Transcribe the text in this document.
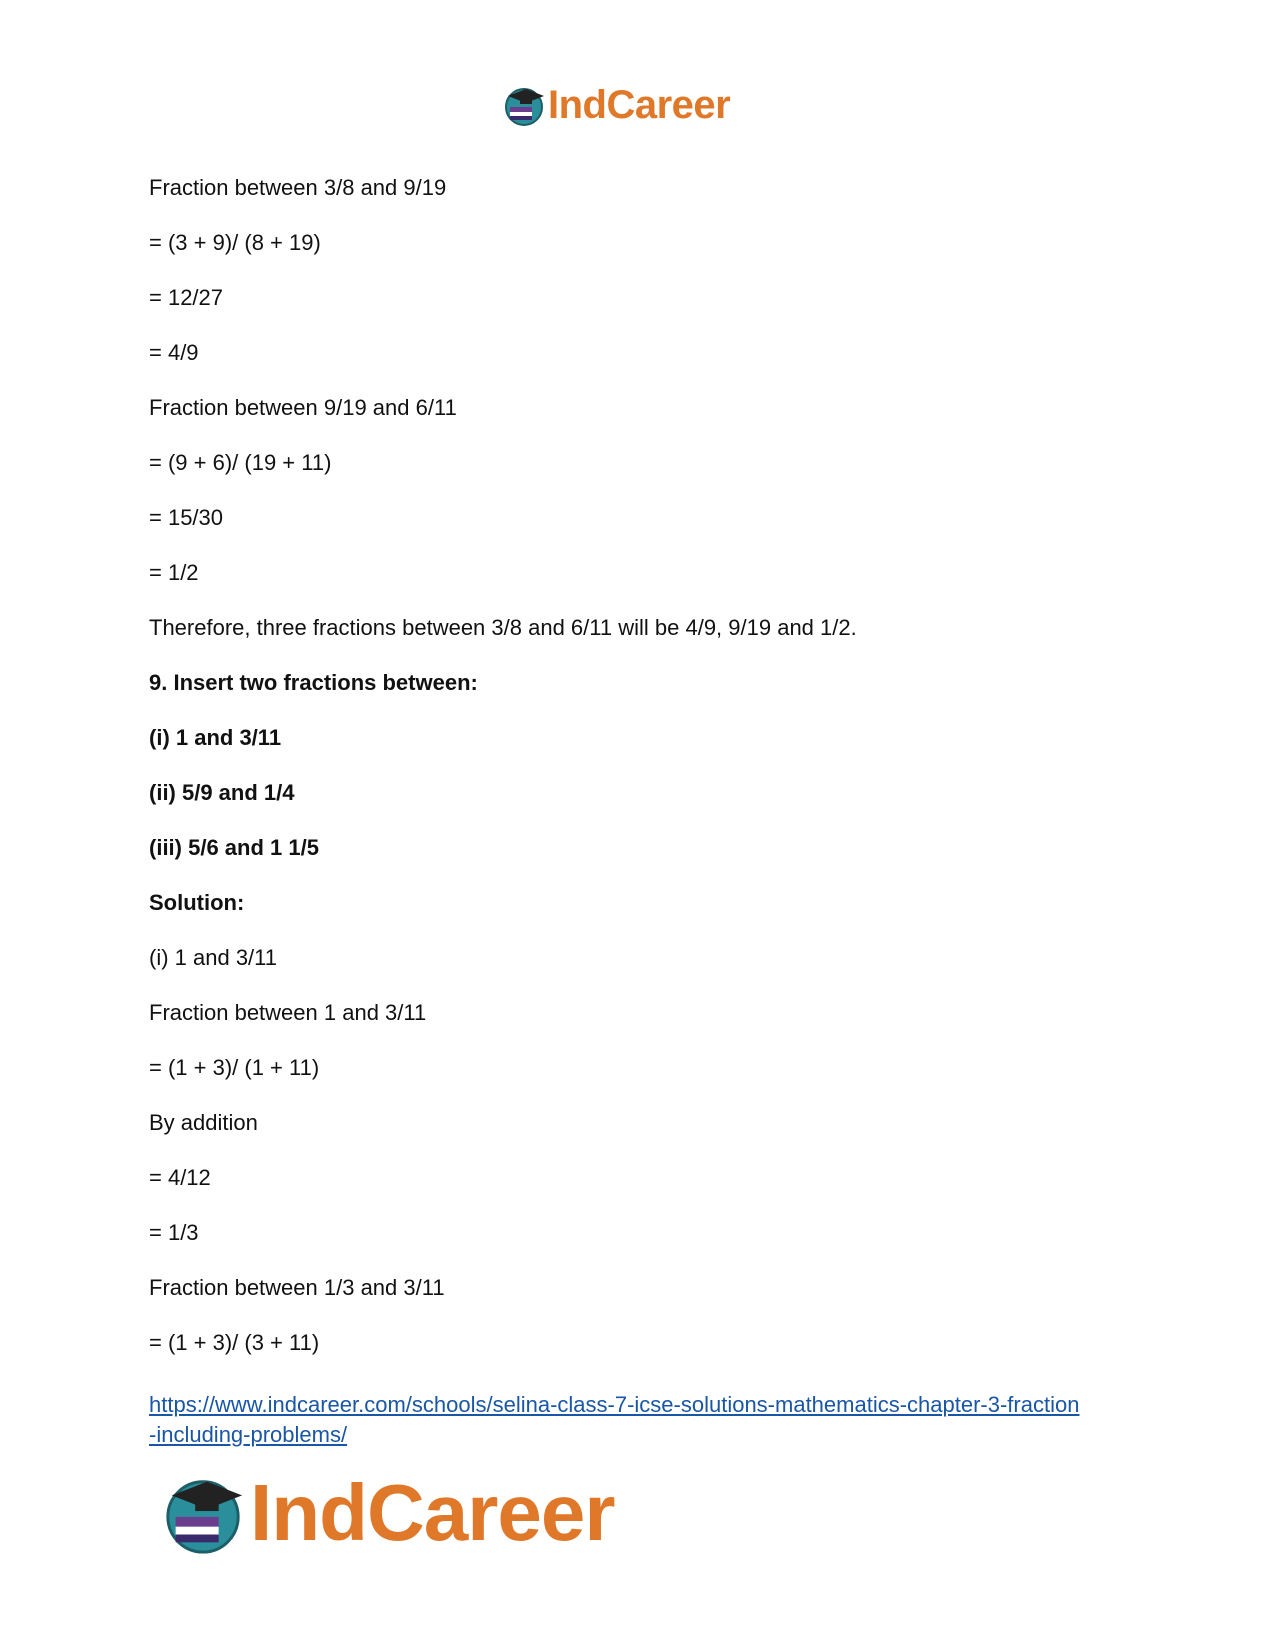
IndCareer
Fraction between 3/8 and 9/19
= (3 + 9)/ (8 + 19)
= 12/27
= 4/9
Fraction between 9/19 and 6/11
= (9 + 6)/ (19 + 11)
= 15/30
= 1/2
Therefore, three fractions between 3/8 and 6/11 will be 4/9, 9/19 and 1/2.
9. Insert two fractions between:
(i) 1 and 3/11
(ii) 5/9 and 1/4
(iii) 5/6 and 1 1/5
Solution:
(i) 1 and 3/11
Fraction between 1 and 3/11
= (1 + 3)/ (1 + 11)
By addition
= 4/12
= 1/3
Fraction between 1/3 and 3/11
= (1 + 3)/ (3 + 11)
https://www.indcareer.com/schools/selina-class-7-icse-solutions-mathematics-chapter-3-fraction
-including-problems/
IndCareer
